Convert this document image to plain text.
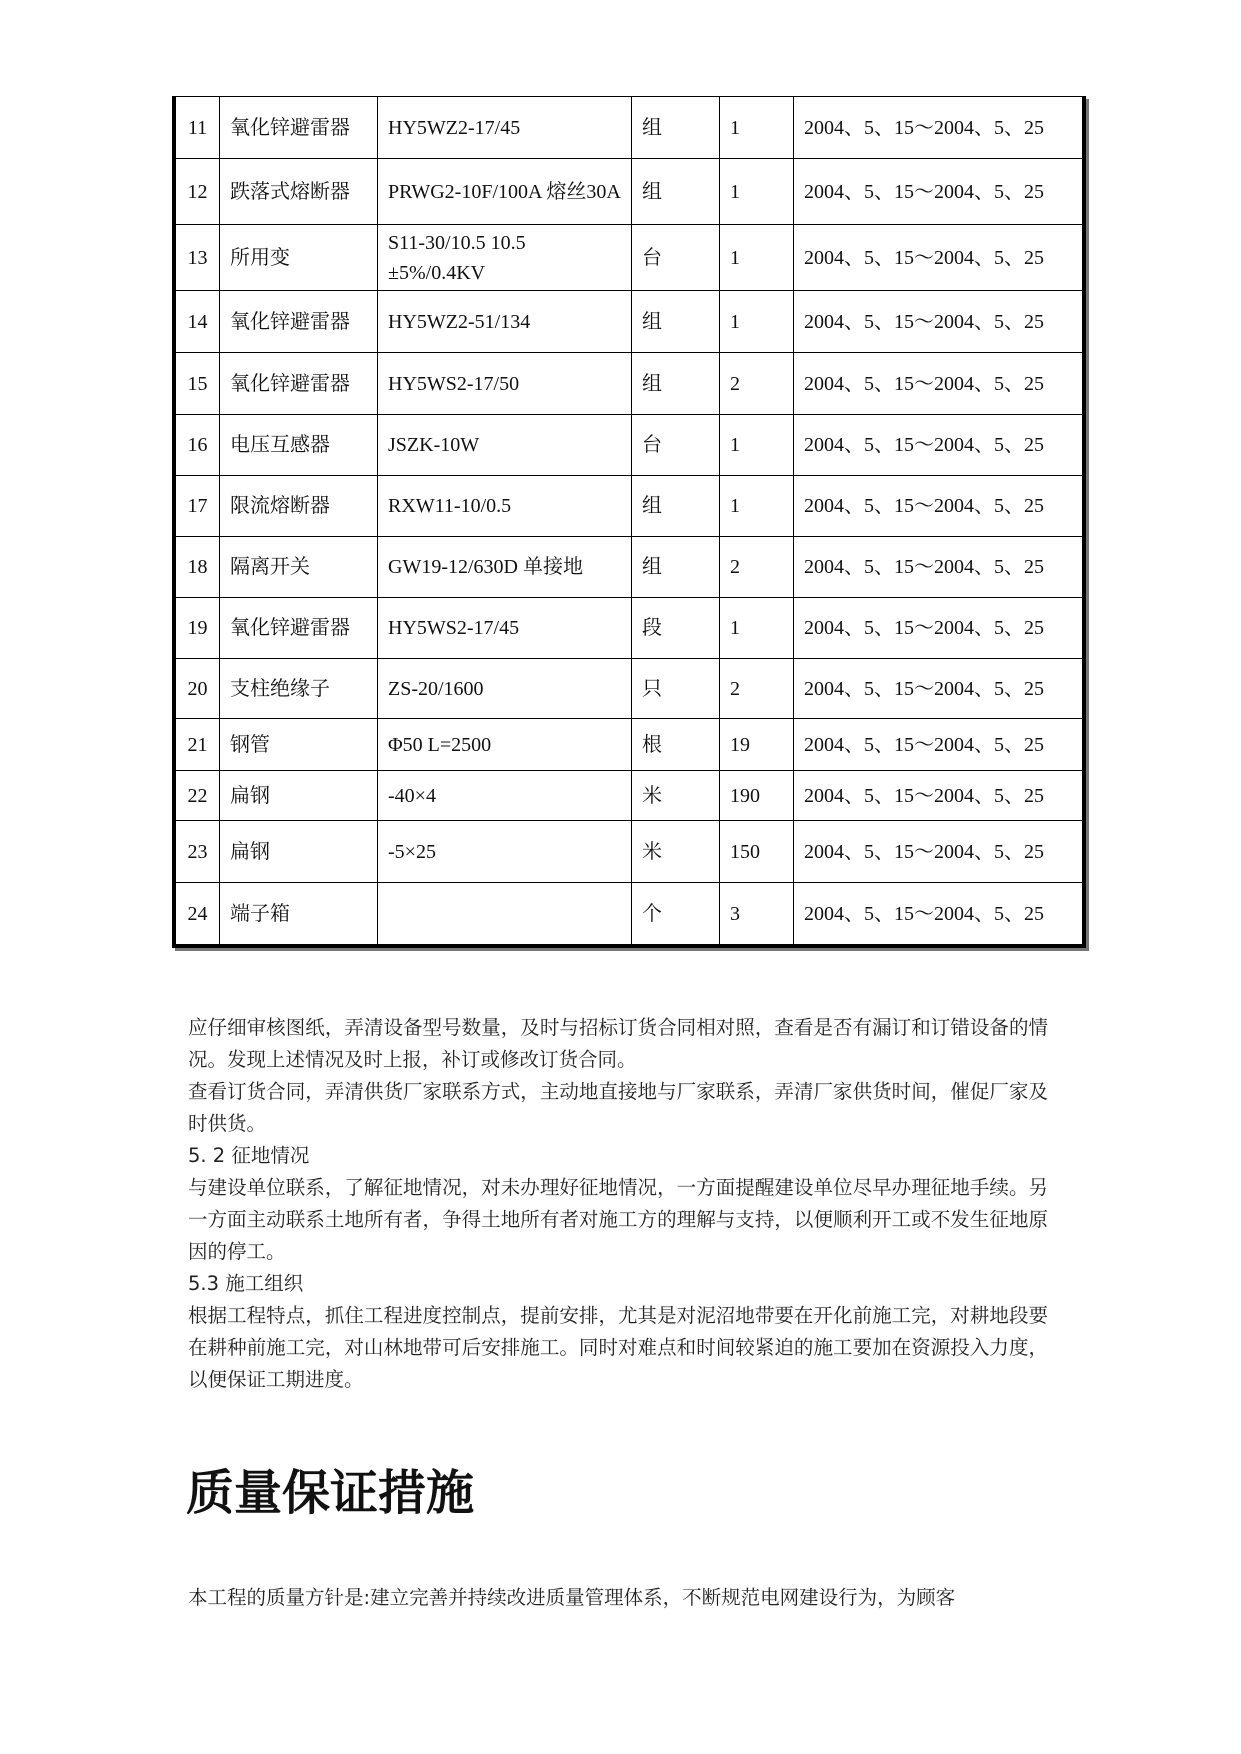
11	氧化锌避雷器	HY5WZ2-17/45	组	1	2004、5、15～2004、5、25
12	跌落式熔断器	PRWG2-10F/100A 熔丝30A	组	1	2004、5、15～2004、5、25
13	所用变	S11-30/10.5 10.5 ±5%/0.4KV	台	1	2004、5、15～2004、5、25
14	氧化锌避雷器	HY5WZ2-51/134	组	1	2004、5、15～2004、5、25
15	氧化锌避雷器	HY5WS2-17/50	组	2	2004、5、15～2004、5、25
16	电压互感器	JSZK-10W	台	1	2004、5、15～2004、5、25
17	限流熔断器	RXW11-10/0.5	组	1	2004、5、15～2004、5、25
18	隔离开关	GW19-12/630D 单接地	组	2	2004、5、15～2004、5、25
19	氧化锌避雷器	HY5WS2-17/45	段	1	2004、5、15～2004、5、25
20	支柱绝缘子	ZS-20/1600	只	2	2004、5、15～2004、5、25
21	钢管	Φ50 L=2500	根	19	2004、5、15～2004、5、25
22	扁钢	-40×4	米	190	2004、5、15～2004、5、25
23	扁钢	-5×25	米	150	2004、5、15～2004、5、25
24	端子箱		个	3	2004、5、15～2004、5、25

应仔细审核图纸，弄清设备型号数量，及时与招标订货合同相对照，查看是否有漏订和订错设备的情况。发现上述情况及时上报，补订或修改订货合同。

查看订货合同，弄清供货厂家联系方式，主动地直接地与厂家联系，弄清厂家供货时间，催促厂家及时供货。

5. 2 征地情况

与建设单位联系，了解征地情况，对未办理好征地情况，一方面提醒建设单位尽早办理征地手续。另一方面主动联系土地所有者，争得土地所有者对施工方的理解与支持，以便顺利开工或不发生征地原因的停工。

5.3 施工组织

根据工程特点，抓住工程进度控制点，提前安排，尤其是对泥沼地带要在开化前施工完，对耕地段要在耕种前施工完，对山林地带可后安排施工。同时对难点和时间较紧迫的施工要加在资源投入力度，以便保证工期进度。

质量保证措施

本工程的质量方针是:建立完善并持续改进质量管理体系，不断规范电网建设行为，为顾客
